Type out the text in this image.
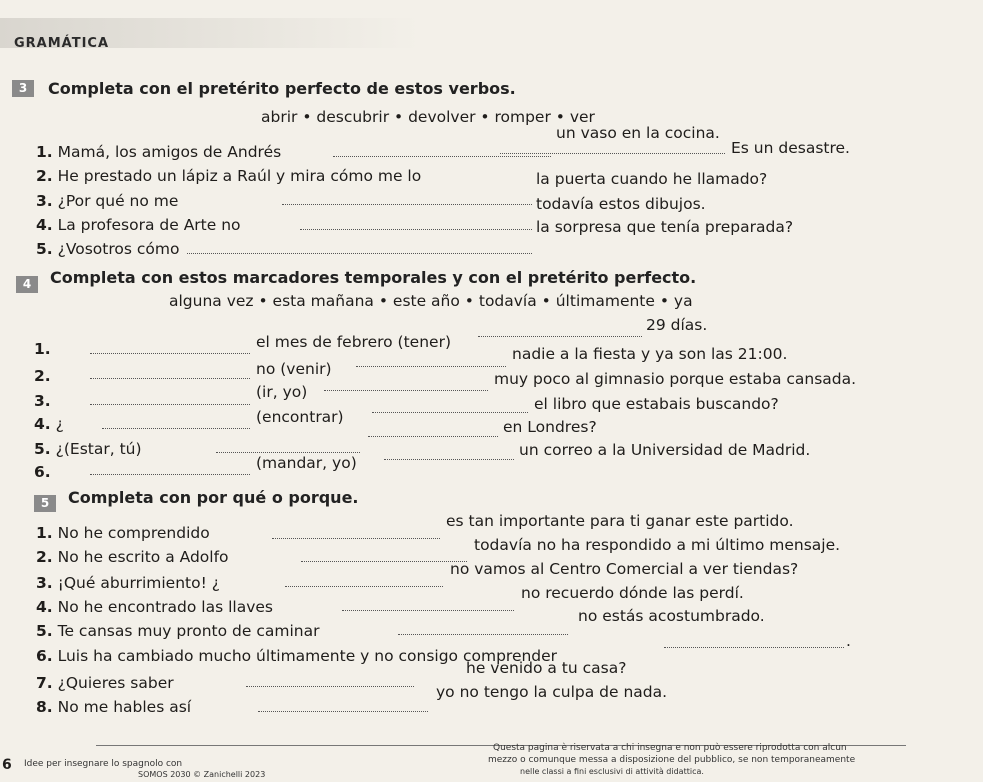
GRAMÁTICA
3	Completa con el pretérito perfecto de estos verbos.
abrir • descubrir • devolver • romper • ver
1. Mamá, los amigos de Andrés
un vaso en la cocina.
2. He prestado un lápiz a Raúl y mira cómo me lo
Es un desastre.
3. ¿Por qué no me
la puerta cuando he llamado?
4. La profesora de Arte no
todavía estos dibujos.
5. ¿Vosotros cómo
la sorpresa que tenía preparada?
4	Completa con estos marcadores temporales y con el pretérito perfecto.
alguna vez • esta mañana • este año • todavía • últimamente • ya
1.	el mes de febrero (tener)
29 días.
2.	no (venir)
nadie a la fiesta y ya son las 21:00.
3.	(ir, yo)
muy poco al gimnasio porque estaba cansada.
4. ¿	(encontrar)
el libro que estabais buscando?
5. ¿(Estar, tú)
en Londres?
6.	(mandar, yo)
un correo a la Universidad de Madrid.
5	Completa con por qué o porque.
1. No he comprendido
es tan importante para ti ganar este partido.
2. No he escrito a Adolfo
todavía no ha respondido a mi último mensaje.
3. ¡Qué aburrimiento! ¿
no vamos al Centro Comercial a ver tiendas?
4. No he encontrado las llaves
no recuerdo dónde las perdí.
5. Te cansas muy pronto de caminar
no estás acostumbrado.
6. Luis ha cambiado mucho últimamente y no consigo comprender
.
7. ¿Quieres saber
he venido a tu casa?
8. No me hables así
yo no tengo la culpa de nada.
6 Idee per insegnare lo spagnolo con
SOMOS 2030 © Zanichelli 2023
Questa pagina è riservata a chi insegna e non può essere riprodotta con alcun
mezzo o comunque messa a disposizione del pubblico, se non temporaneamente
nelle classi a fini esclusivi di attività didattica.
